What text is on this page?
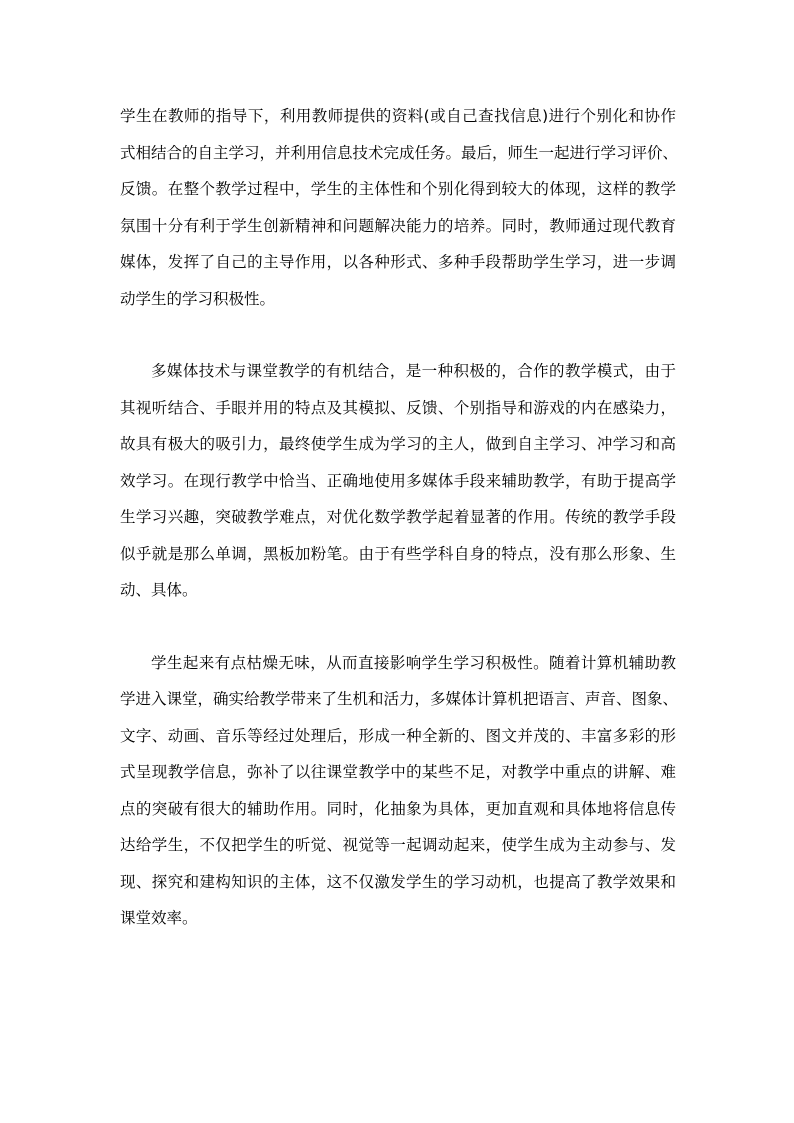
学生在教师的指导下，利用教师提供的资料(或自己查找信息)进行个别化和协作
式相结合的自主学习，并利用信息技术完成任务。最后，师生一起进行学习评价、
反馈。在整个教学过程中，学生的主体性和个别化得到较大的体现，这样的教学
氛围十分有利于学生创新精神和问题解决能力的培养。同时，教师通过现代教育
媒体，发挥了自己的主导作用，以各种形式、多种手段帮助学生学习，进一步调
动学生的学习积极性。

多媒体技术与课堂教学的有机结合，是一种积极的，合作的教学模式，由于
其视听结合、手眼并用的特点及其模拟、反馈、个别指导和游戏的内在感染力，
故具有极大的吸引力，最终使学生成为学习的主人，做到自主学习、冲学习和高
效学习。在现行教学中恰当、正确地使用多媒体手段来辅助教学，有助于提高学
生学习兴趣，突破教学难点，对优化数学教学起着显著的作用。传统的教学手段
似乎就是那么单调，黑板加粉笔。由于有些学科自身的特点，没有那么形象、生
动、具体。

学生起来有点枯燥无味，从而直接影响学生学习积极性。随着计算机辅助教
学进入课堂，确实给教学带来了生机和活力，多媒体计算机把语言、声音、图象、
文字、动画、音乐等经过处理后，形成一种全新的、图文并茂的、丰富多彩的形
式呈现教学信息，弥补了以往课堂教学中的某些不足，对教学中重点的讲解、难
点的突破有很大的辅助作用。同时，化抽象为具体，更加直观和具体地将信息传
达给学生，不仅把学生的听觉、视觉等一起调动起来，使学生成为主动参与、发
现、探究和建构知识的主体，这不仅激发学生的学习动机，也提高了教学效果和
课堂效率。
